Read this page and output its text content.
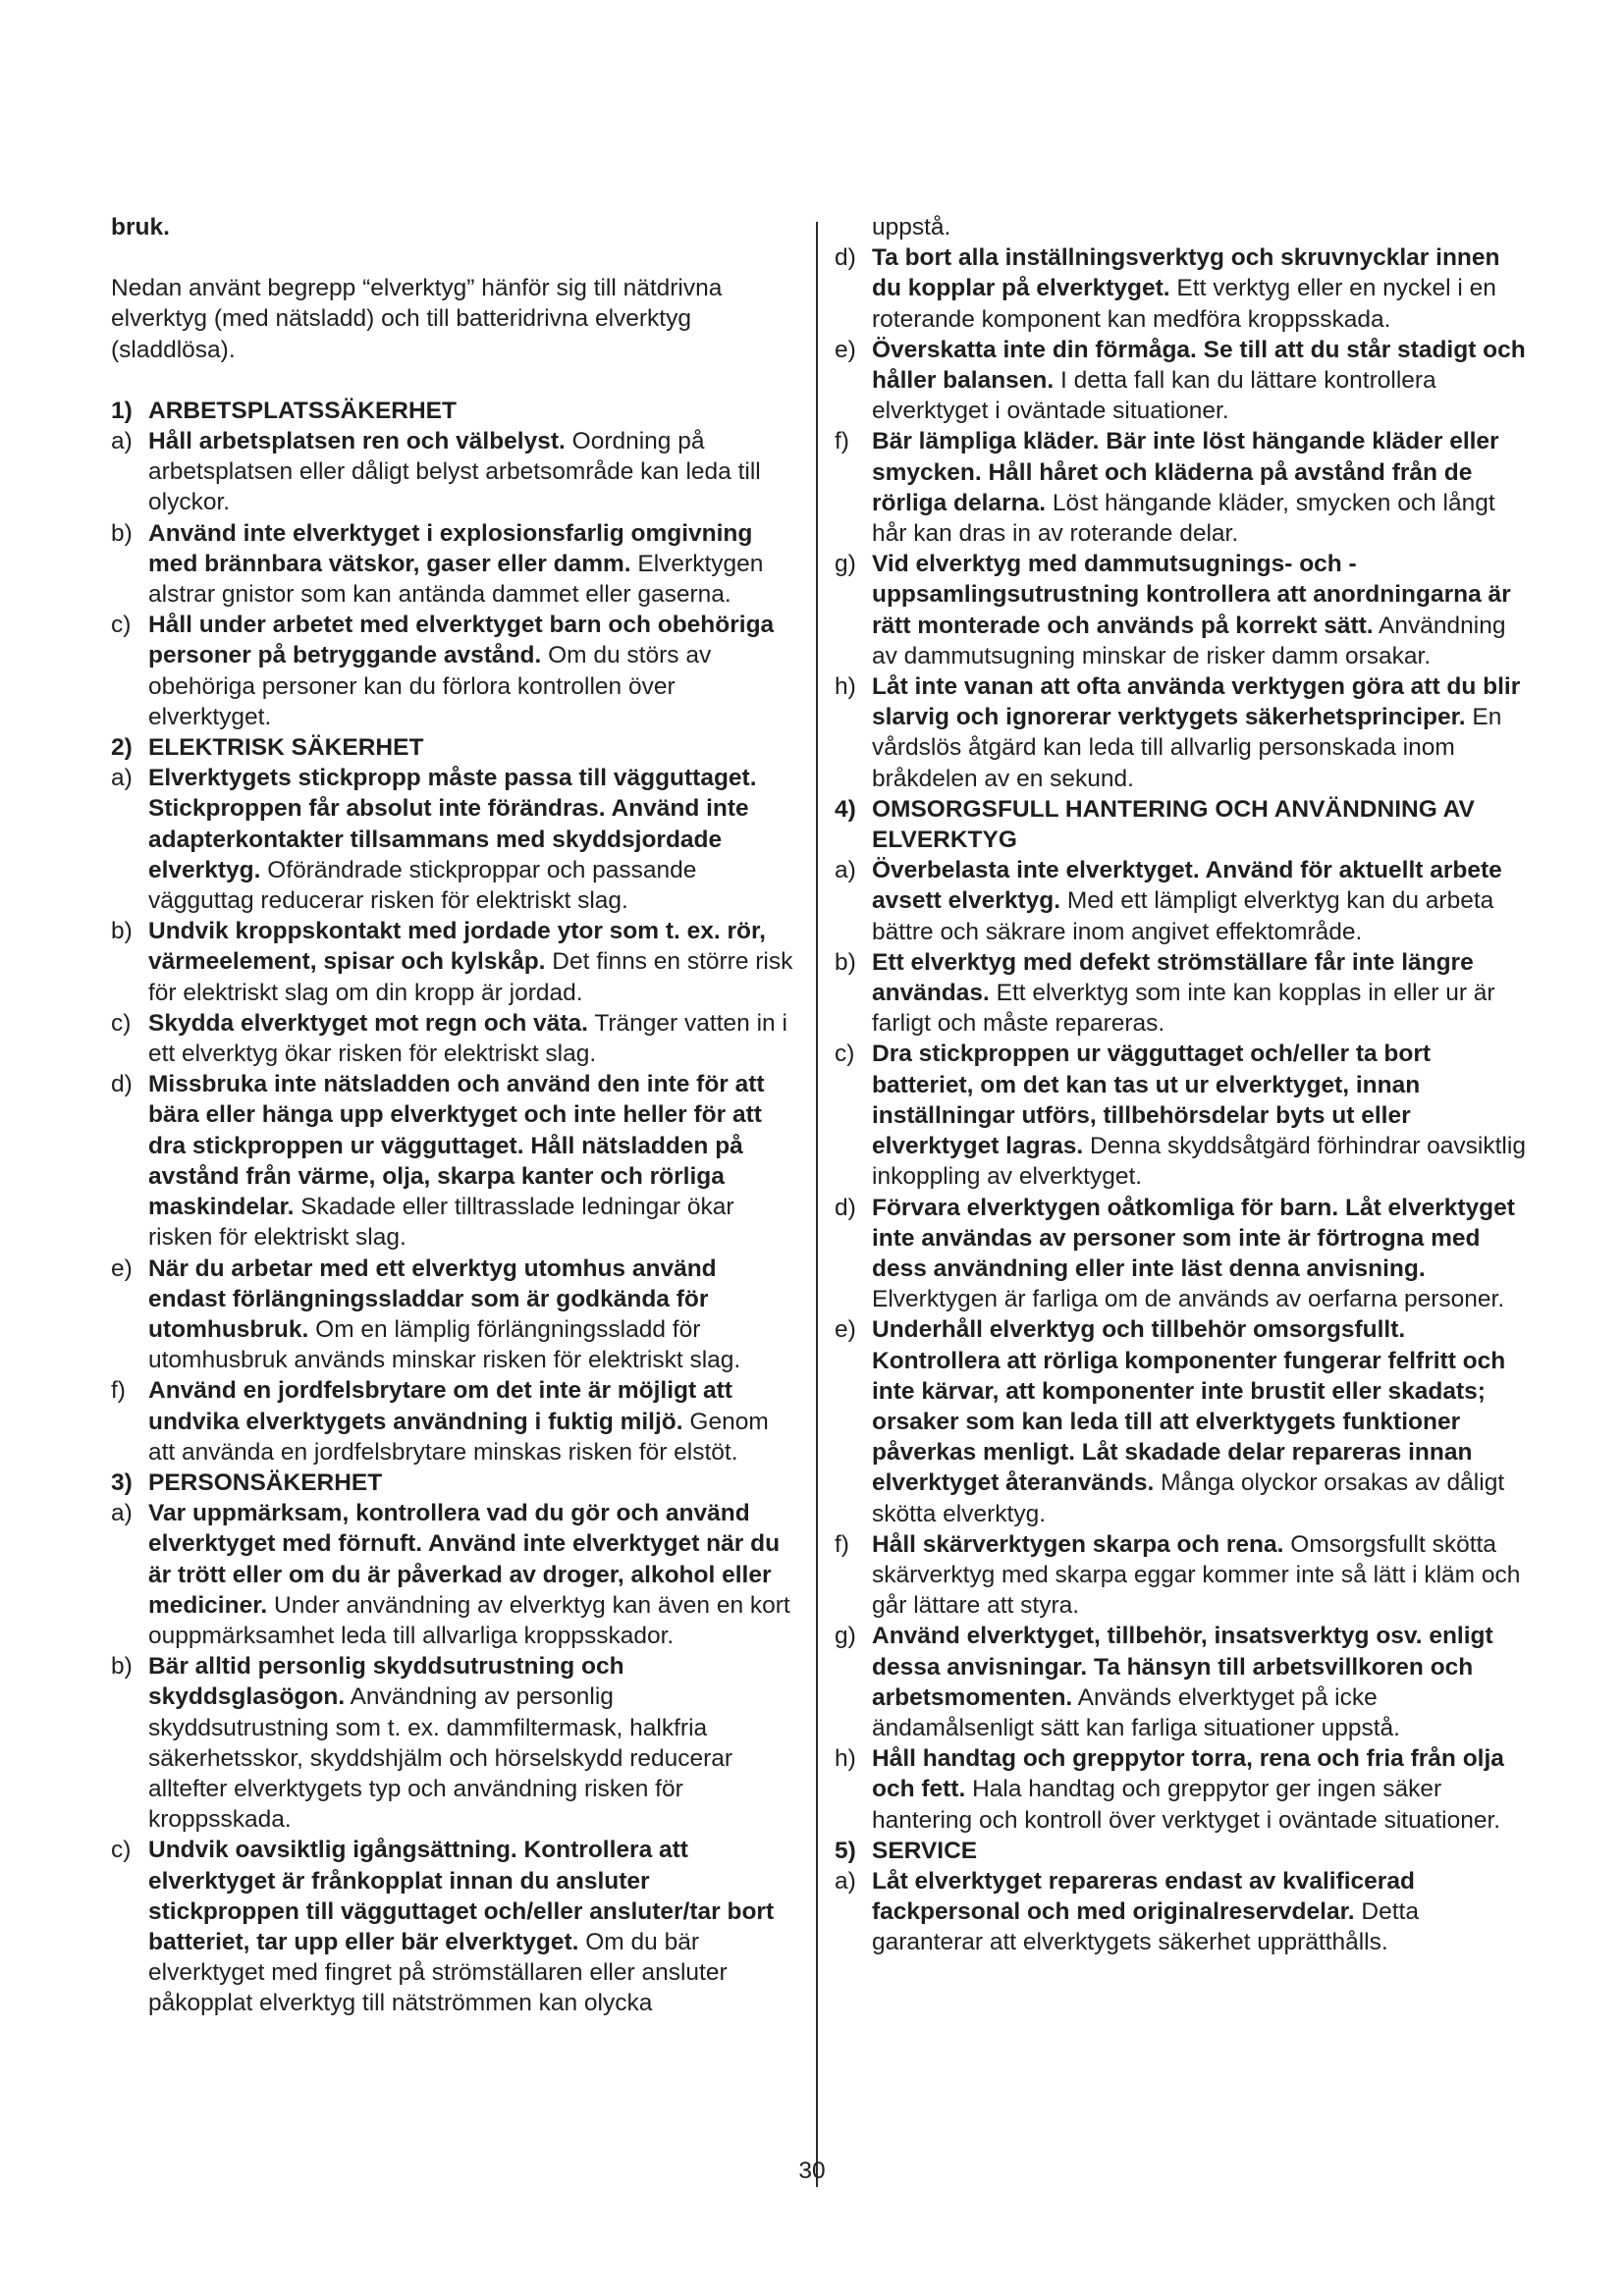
bruk.

Nedan använt begrepp “elverktyg” hänför sig till nätdrivna elverktyg (med nätsladd) och till batteridrivna elverktyg (sladdlösa).

1) ARBETSPLATSSÄKERHET

a) Håll arbetsplatsen ren och välbelyst. Oordning på arbetsplatsen eller dåligt belyst arbetsområde kan leda till olyckor.
b) Använd inte elverktyget i explosionsfarlig omgivning med brännbara vätskor, gaser eller damm. Elverktygen alstrar gnistor som kan antända dammet eller gaserna.
c) Håll under arbetet med elverktyget barn och obehöriga personer på betryggande avstånd. Om du störs av obehöriga personer kan du förlora kontrollen över elverktyget.

2) ELEKTRISK SÄKERHET

a) Elverktygets stickpropp måste passa till vägguttaget. Stickproppen får absolut inte förändras. Använd inte adapterkontakter tillsammans med skyddsjordade elverktyg. Oförändrade stickproppar och passande vägguttag reducerar risken för elektriskt slag.
b) Undvik kroppskontakt med jordade ytor som t. ex. rör, värmeelement, spisar och kylskåp. Det finns en större risk för elektriskt slag om din kropp är jordad.
c) Skydda elverktyget mot regn och väta. Tränger vatten in i ett elverktyg ökar risken för elektriskt slag.
d) Missbruka inte nätsladden och använd den inte för att bära eller hänga upp elverktyget och inte heller för att dra stickproppen ur vägguttaget. Håll nätsladden på avstånd från värme, olja, skarpa kanter och rörliga maskindelar. Skadade eller tilltrasslade ledningar ökar risken för elektriskt slag.
e) När du arbetar med ett elverktyg utomhus använd endast förlängningssladdar som är godkända för utomhusbruk. Om en lämplig förlängningssladd för utomhusbruk används minskar risken för elektriskt slag.
f) Använd en jordfelsbrytare om det inte är möjligt att undvika elverktygets användning i fuktig miljö. Genom att använda en jordfelsbrytare minskas risken för elstöt.

3) PERSONSÄKERHET

a) Var uppmärksam, kontrollera vad du gör och använd elverktyget med förnuft. Använd inte elverktyget när du är trött eller om du är påverkad av droger, alkohol eller mediciner. Under användning av elverktyg kan även en kort ouppmärksamhet leda till allvarliga kroppsskador.
b) Bär alltid personlig skyddsutrustning och skyddsglasögon. Användning av personlig skyddsutrustning som t. ex. dammfiltermask, halkfria säkerhetsskor, skyddshjälm och hörselskydd reducerar alltefter elverktygets typ och användning risken för kroppsskada.
c) Undvik oavsiktlig igångsättning. Kontrollera att elverktyget är frånkopplat innan du ansluter stickproppen till vägguttaget och/eller ansluter/tar bort batteriet, tar upp eller bär elverktyget. Om du bär elverktyget med fingret på strömställaren eller ansluter påkopplat elverktyg till nätströmmen kan olycka

uppstå.

d) Ta bort alla inställningsverktyg och skruvnycklar innen du kopplar på elverktyget. Ett verktyg eller en nyckel i en roterande komponent kan medföra kroppsskada.
e) Överskatta inte din förmåga. Se till att du står stadigt och håller balansen. I detta fall kan du lättare kontrollera elverktyget i oväntade situationer.
f) Bär lämpliga kläder. Bär inte löst hängande kläder eller smycken. Håll håret och kläderna på avstånd från de rörliga delarna. Löst hängande kläder, smycken och långt hår kan dras in av roterande delar.
g) Vid elverktyg med dammutsugnings- och -uppsamlingsutrustning kontrollera att anordningarna är rätt monterade och används på korrekt sätt. Användning av dammutsugning minskar de risker damm orsakar.
h) Låt inte vanan att ofta använda verktygen göra att du blir slarvig och ignorerar verktygets säkerhetsprinciper. En vårdslös åtgärd kan leda till allvarlig personskada inom bråkdelen av en sekund.
4) OMSORGSFULL HANTERING OCH ANVÄNDNING AV ELVERKTYG
a) Överbelasta inte elverktyget. Använd för aktuellt arbete avsett elverktyg. Med ett lämpligt elverktyg kan du arbeta bättre och säkrare inom angivet effektområde.
b) Ett elverktyg med defekt strömställare får inte längre användas. Ett elverktyg som inte kan kopplas in eller ur är farligt och måste repareras.
c) Dra stickproppen ur vägguttaget och/eller ta bort batteriet, om det kan tas ut ur elverktyget, innan inställningar utförs, tillbehörsdelar byts ut eller elverktyget lagras. Denna skyddsåtgärd förhindrar oavsiktlig inkoppling av elverktyget.
d) Förvara elverktygen oåtkomliga för barn. Låt elverktyget inte användas av personer som inte är förtrogna med dess användning eller inte läst denna anvisning. Elverktygen är farliga om de används av oerfarna personer.
e) Underhåll elverktyg och tillbehör omsorgsfullt. Kontrollera att rörliga komponenter fungerar felfritt och inte kärvar, att komponenter inte brustit eller skadats; orsaker som kan leda till att elverktygets funktioner påverkas menligt. Låt skadade delar repareras innan elverktyget återanvänds. Många olyckor orsakas av dåligt skötta elverktyg.
f) Håll skärverktygen skarpa och rena. Omsorgsfullt skötta skärverktyg med skarpa eggar kommer inte så lätt i kläm och går lättare att styra.
g) Använd elverktyget, tillbehör, insatsverktyg osv. enligt dessa anvisningar. Ta hänsyn till arbetsvillkoren och arbetsmomenten. Används elverktyget på icke ändamålsenligt sätt kan farliga situationer uppstå.
h) Håll handtag och greppytor torra, rena och fria från olja och fett. Hala handtag och greppytor ger ingen säker hantering och kontroll över verktyget i oväntade situationer.
5) SERVICE
a) Låt elverktyget repareras endast av kvalificerad fackpersonal och med originalreservdelar. Detta garanterar att elverktygets säkerhet upprätthålls.
30
